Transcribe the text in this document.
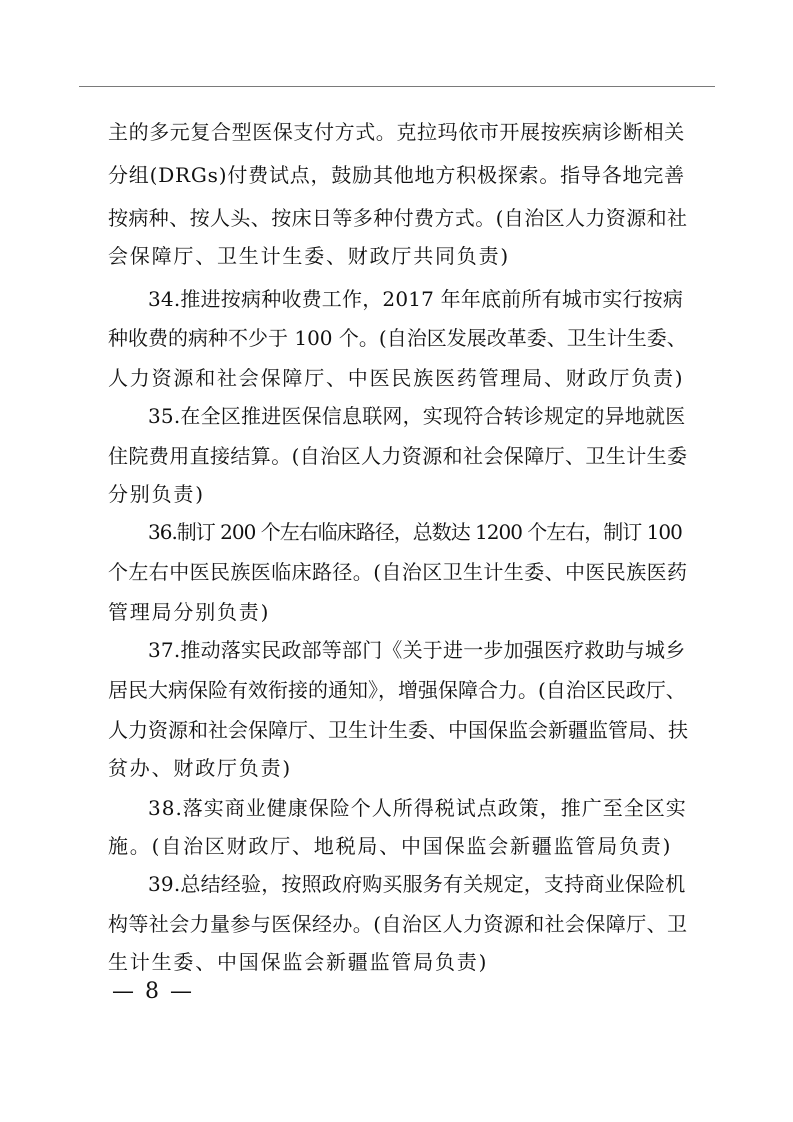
主的多元复合型医保支付方式。克拉玛依市开展按疾病诊断相关
分组(DRGs)付费试点，鼓励其他地方积极探索。指导各地完善
按病种、按人头、按床日等多种付费方式。(自治区人力资源和社
会保障厅、卫生计生委、财政厅共同负责)
34.推进按病种收费工作，2017 年年底前所有城市实行按病
种收费的病种不少于 100 个。(自治区发展改革委、卫生计生委、
人力资源和社会保障厅、中医民族医药管理局、财政厅负责)
35.在全区推进医保信息联网，实现符合转诊规定的异地就医
住院费用直接结算。(自治区人力资源和社会保障厅、卫生计生委
分别负责)
36.制订 200 个左右临床路径，总数达 1200 个左右，制订 100
个左右中医民族医临床路径。(自治区卫生计生委、中医民族医药
管理局分别负责)
37.推动落实民政部等部门《关于进一步加强医疗救助与城乡
居民大病保险有效衔接的通知》，增强保障合力。(自治区民政厅、
人力资源和社会保障厅、卫生计生委、中国保监会新疆监管局、扶
贫办、财政厅负责)
38.落实商业健康保险个人所得税试点政策，推广至全区实
施。(自治区财政厅、地税局、中国保监会新疆监管局负责)
39.总结经验，按照政府购买服务有关规定，支持商业保险机
构等社会力量参与医保经办。(自治区人力资源和社会保障厅、卫
生计生委、中国保监会新疆监管局负责)
— 8 —
